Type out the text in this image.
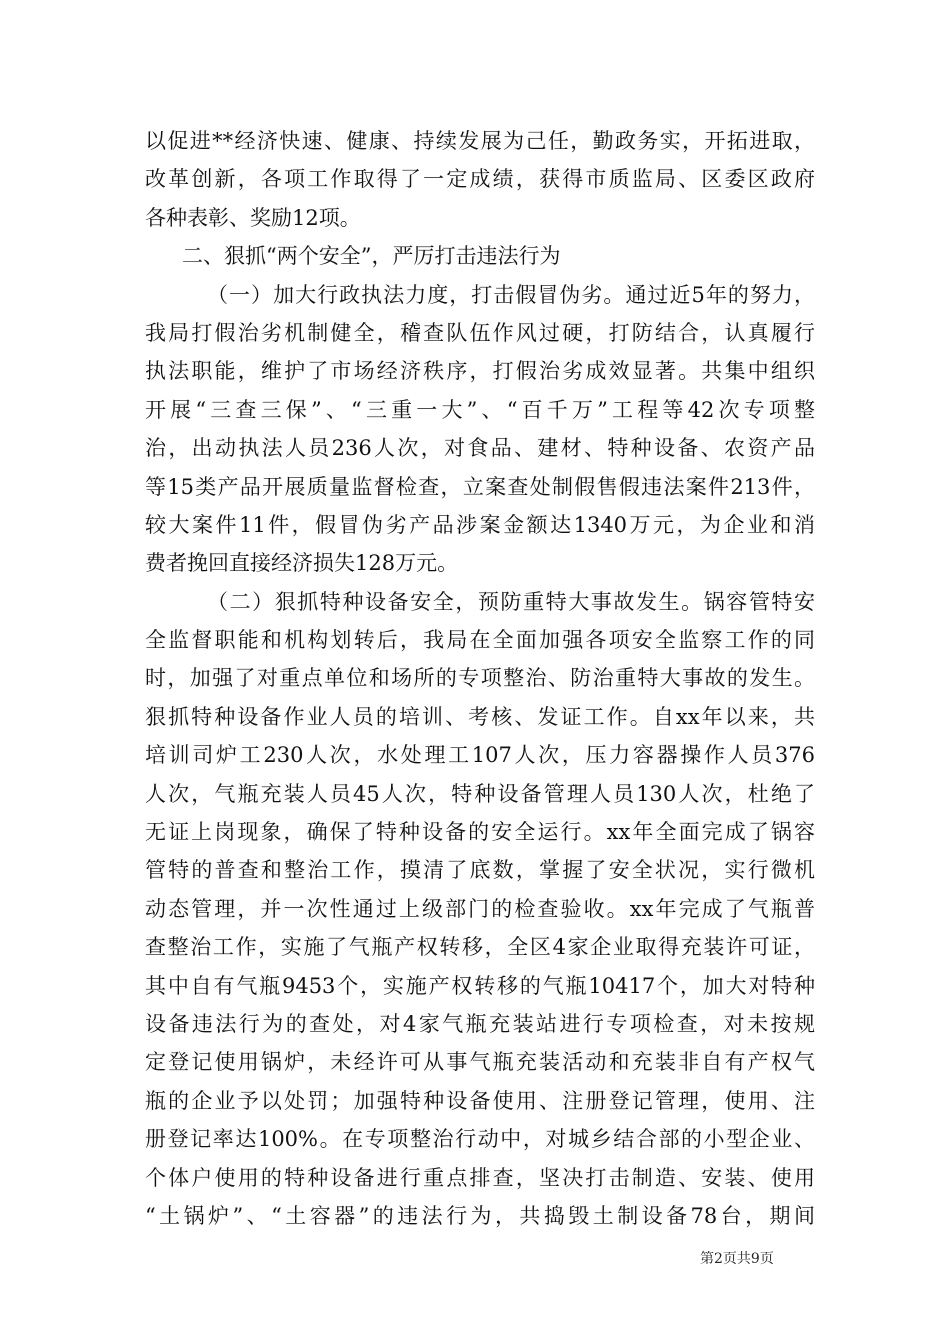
以促进**经济快速、健康、持续发展为己任，勤政务实，开拓进取，
改革创新，各项工作取得了一定成绩，获得市质监局、区委区政府
各种表彰、奖励12项。
二、狠抓“两个安全”，严厉打击违法行为
（一）加大行政执法力度，打击假冒伪劣。通过近5年的努力，
我局打假治劣机制健全，稽查队伍作风过硬，打防结合，认真履行
执法职能，维护了市场经济秩序，打假治劣成效显著。共集中组织
开展“三查三保”、“三重一大”、“百千万”工程等42次专项整
治，出动执法人员236人次，对食品、建材、特种设备、农资产品
等15类产品开展质量监督检查，立案查处制假售假违法案件213件，
较大案件11件，假冒伪劣产品涉案金额达1340万元，为企业和消
费者挽回直接经济损失128万元。
（二）狠抓特种设备安全，预防重特大事故发生。锅容管特安
全监督职能和机构划转后，我局在全面加强各项安全监察工作的同
时，加强了对重点单位和场所的专项整治、防治重特大事故的发生。
狠抓特种设备作业人员的培训、考核、发证工作。自xx年以来，共
培训司炉工230人次，水处理工107人次，压力容器操作人员376
人次，气瓶充装人员45人次，特种设备管理人员130人次，杜绝了
无证上岗现象，确保了特种设备的安全运行。xx年全面完成了锅容
管特的普查和整治工作，摸清了底数，掌握了安全状况，实行微机
动态管理，并一次性通过上级部门的检查验收。xx年完成了气瓶普
查整治工作，实施了气瓶产权转移，全区4家企业取得充装许可证，
其中自有气瓶9453个，实施产权转移的气瓶10417个，加大对特种
设备违法行为的查处，对4家气瓶充装站进行专项检查，对未按规
定登记使用锅炉，未经许可从事气瓶充装活动和充装非自有产权气
瓶的企业予以处罚；加强特种设备使用、注册登记管理，使用、注
册登记率达100%。在专项整治行动中，对城乡结合部的小型企业、
个体户使用的特种设备进行重点排查，坚决打击制造、安装、使用
“土锅炉”、“土容器”的违法行为，共捣毁土制设备78台，期间
第2页共9页
